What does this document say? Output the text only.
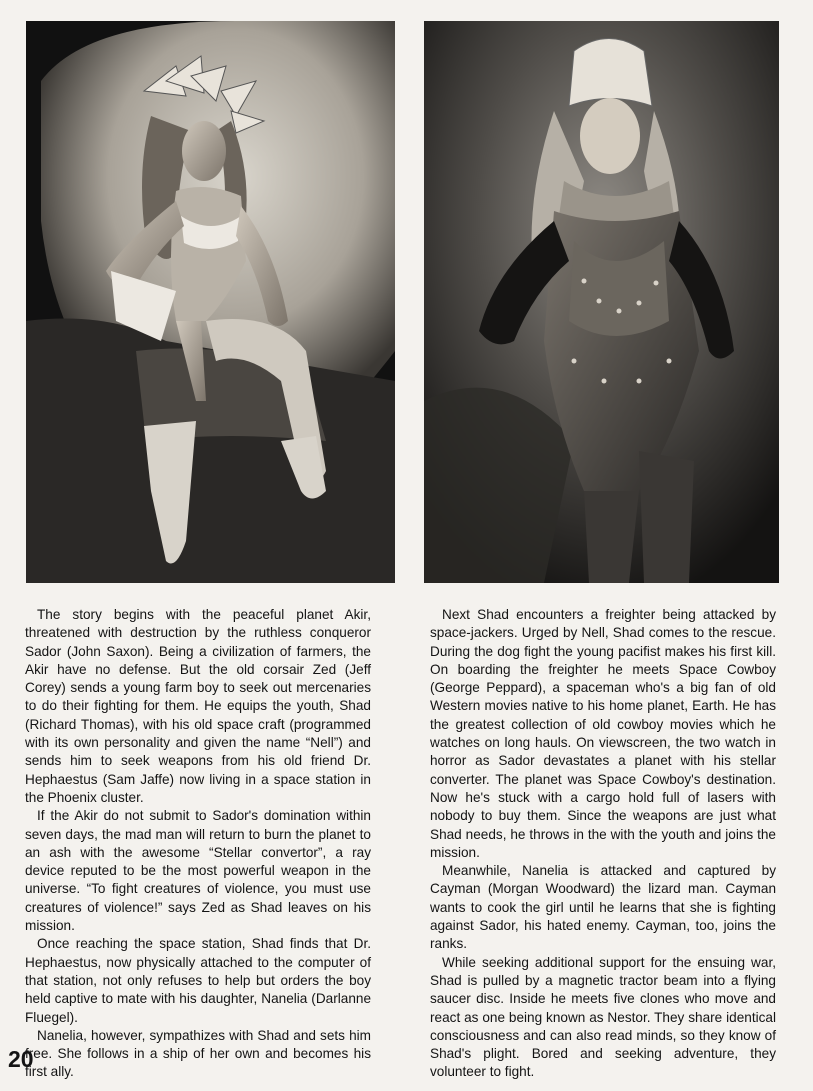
The story begins with the peaceful planet Akir, threatened with destruction by the ruthless conqueror Sador (John Saxon). Being a civilization of farmers, the Akir have no defense. But the old corsair Zed (Jeff Corey) sends a young farm boy to seek out mercenaries to do their fighting for them. He equips the youth, Shad (Richard Thomas), with his old space craft (programmed with its own personality and given the name “Nell”) and sends him to seek weapons from his old friend Dr. Hephaestus (Sam Jaffe) now living in a space station in the Phoenix cluster.

If the Akir do not submit to Sador's domination within seven days, the mad man will return to burn the planet to an ash with the awesome “Stellar convertor”, a ray device reputed to be the most powerful weapon in the universe. “To fight creatures of violence, you must use creatures of violence!” says Zed as Shad leaves on his mission.

Once reaching the space station, Shad finds that Dr. Hephaestus, now physically attached to the computer of that station, not only refuses to help but orders the boy held captive to mate with his daughter, Nanelia (Darlanne Fluegel).

Nanelia, however, sympathizes with Shad and sets him free. She follows in a ship of her own and becomes his first ally.

Next Shad encounters a freighter being attacked by space-jackers. Urged by Nell, Shad comes to the rescue. During the dog fight the young pacifist makes his first kill. On boarding the freighter he meets Space Cowboy (George Peppard), a spaceman who's a big fan of old Western movies native to his home planet, Earth. He has the greatest collection of old cowboy movies which he watches on long hauls. On viewscreen, the two watch in horror as Sador devastates a planet with his stellar converter. The planet was Space Cowboy's destination. Now he's stuck with a cargo hold full of lasers with nobody to buy them. Since the weapons are just what Shad needs, he throws in the with the youth and joins the mission.

Meanwhile, Nanelia is attacked and captured by Cayman (Morgan Woodward) the lizard man. Cayman wants to cook the girl until he learns that she is fighting against Sador, his hated enemy. Cayman, too, joins the ranks.

While seeking additional support for the ensuing war, Shad is pulled by a magnetic tractor beam into a flying saucer disc. Inside he meets five clones who move and react as one being known as Nestor. They share identical consciousness and can also read minds, so they know of Shad's plight. Bored and seeking adventure, they volunteer to fight.

20
